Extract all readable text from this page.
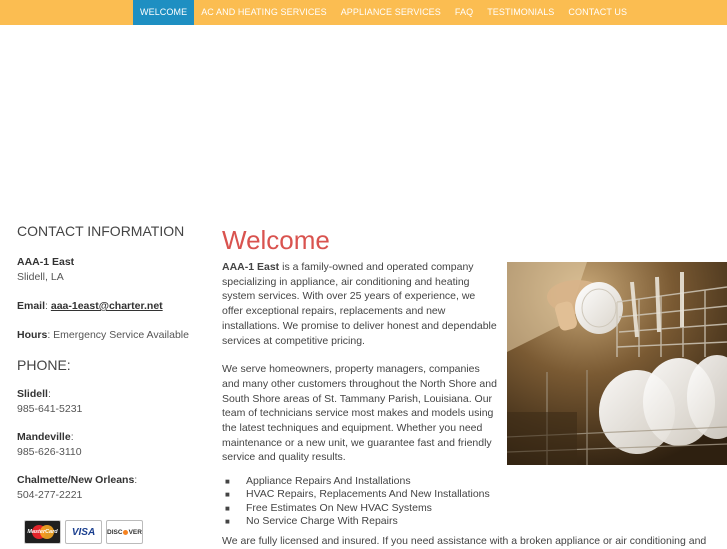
WELCOME	AC AND HEATING SERVICES	APPLIANCE SERVICES	FAQ	TESTIMONIALS	CONTACT US
CONTACT INFORMATION
AAA-1 East
Slidell, LA
Email: aaa-1east@charter.net
Hours: Emergency Service Available
PHONE:
Slidell:
985-641-5231
Mandeville:
985-626-3110
Chalmette/New Orleans:
504-277-2221
MasterCard	VISA	DISC VER
Welcome

AAA-1 East is a family-owned and operated company specializing in appliance, air conditioning and heating system services. With over 25 years of experience, we offer exceptional repairs, replacements and new installations. We promise to deliver honest and dependable services at competitive pricing.

We serve homeowners, property managers, companies and many other customers throughout the North Shore and South Shore areas of St. Tammany Parish, Louisiana. Our team of technicians service most makes and models using the latest techniques and equipment. Whether you need maintenance or a new unit, we guarantee fast and friendly service and quality results.

■	Appliance Repairs And Installations
■	HVAC Repairs, Replacements And New Installations
■	Free Estimates On New HVAC Systems
■	No Service Charge With Repairs

We are fully licensed and insured. If you need assistance with a broken appliance or air conditioning and
